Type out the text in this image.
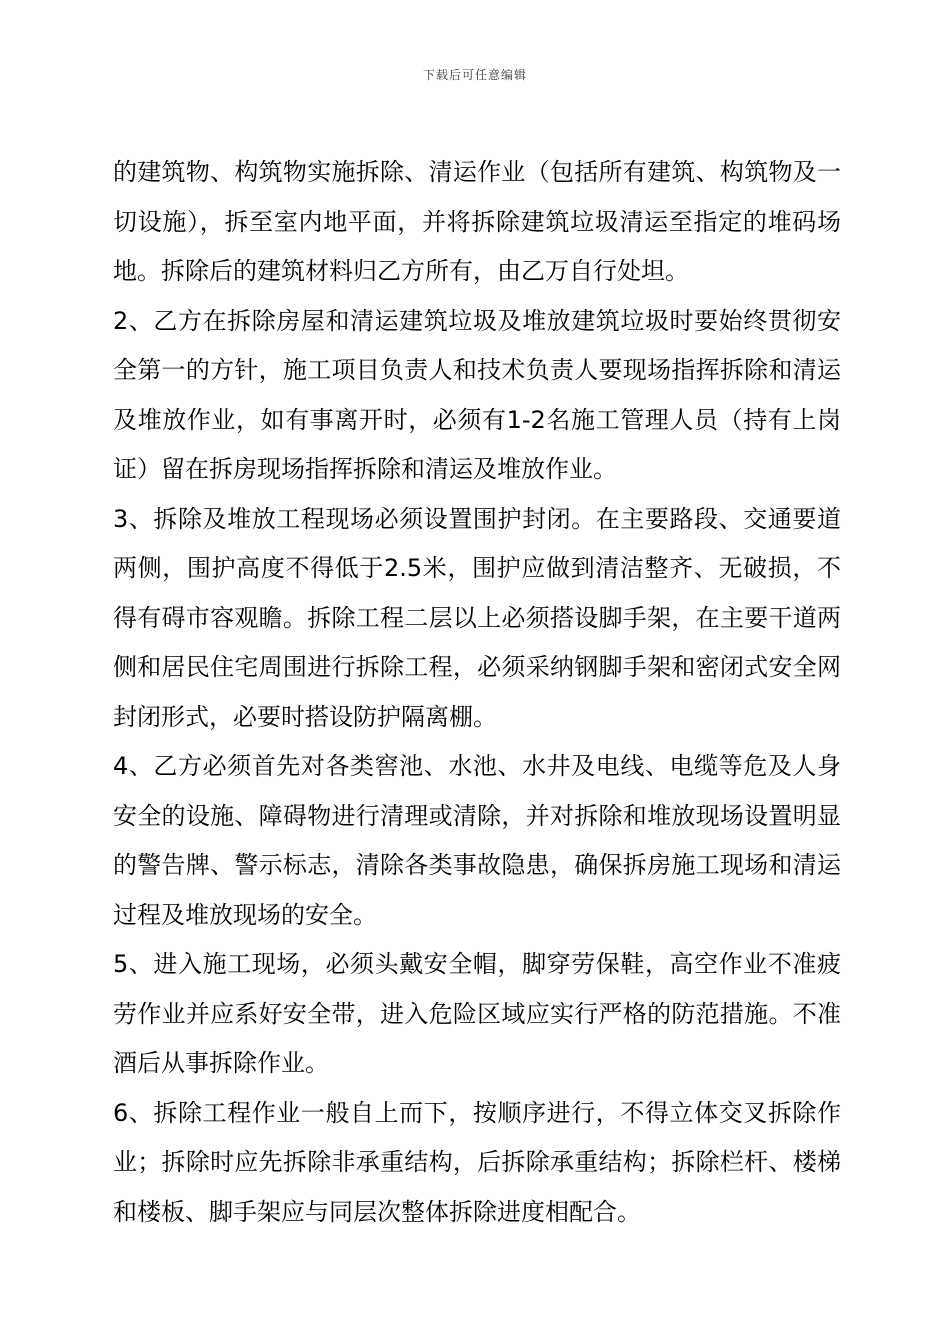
下载后可任意编辑

的建筑物、构筑物实施拆除、清运作业（包括所有建筑、构筑物及一切设施），拆至室内地平面，并将拆除建筑垃圾清运至指定的堆码场地。拆除后的建筑材料归乙方所有，由乙万自行处坦。

2、乙方在拆除房屋和清运建筑垃圾及堆放建筑垃圾时要始终贯彻安全第一的方针，施工项目负责人和技术负责人要现场指挥拆除和清运及堆放作业，如有事离开时，必须有1-2名施工管理人员（持有上岗证）留在拆房现场指挥拆除和清运及堆放作业。

3、拆除及堆放工程现场必须设置围护封闭。在主要路段、交通要道两侧，围护高度不得低于2.5米，围护应做到清洁整齐、无破损，不得有碍市容观瞻。拆除工程二层以上必须搭设脚手架，在主要干道两侧和居民住宅周围进行拆除工程，必须采纳钢脚手架和密闭式安全网封闭形式，必要时搭设防护隔离棚。

4、乙方必须首先对各类窖池、水池、水井及电线、电缆等危及人身安全的设施、障碍物进行清理或清除，并对拆除和堆放现场设置明显的警告牌、警示标志，清除各类事故隐患，确保拆房施工现场和清运过程及堆放现场的安全。

5、进入施工现场，必须头戴安全帽，脚穿劳保鞋，高空作业不准疲劳作业并应系好安全带，进入危险区域应实行严格的防范措施。不准酒后从事拆除作业。

6、拆除工程作业一般自上而下，按顺序进行，不得立体交叉拆除作业；拆除时应先拆除非承重结构，后拆除承重结构；拆除栏杆、楼梯和楼板、脚手架应与同层次整体拆除进度相配合。
